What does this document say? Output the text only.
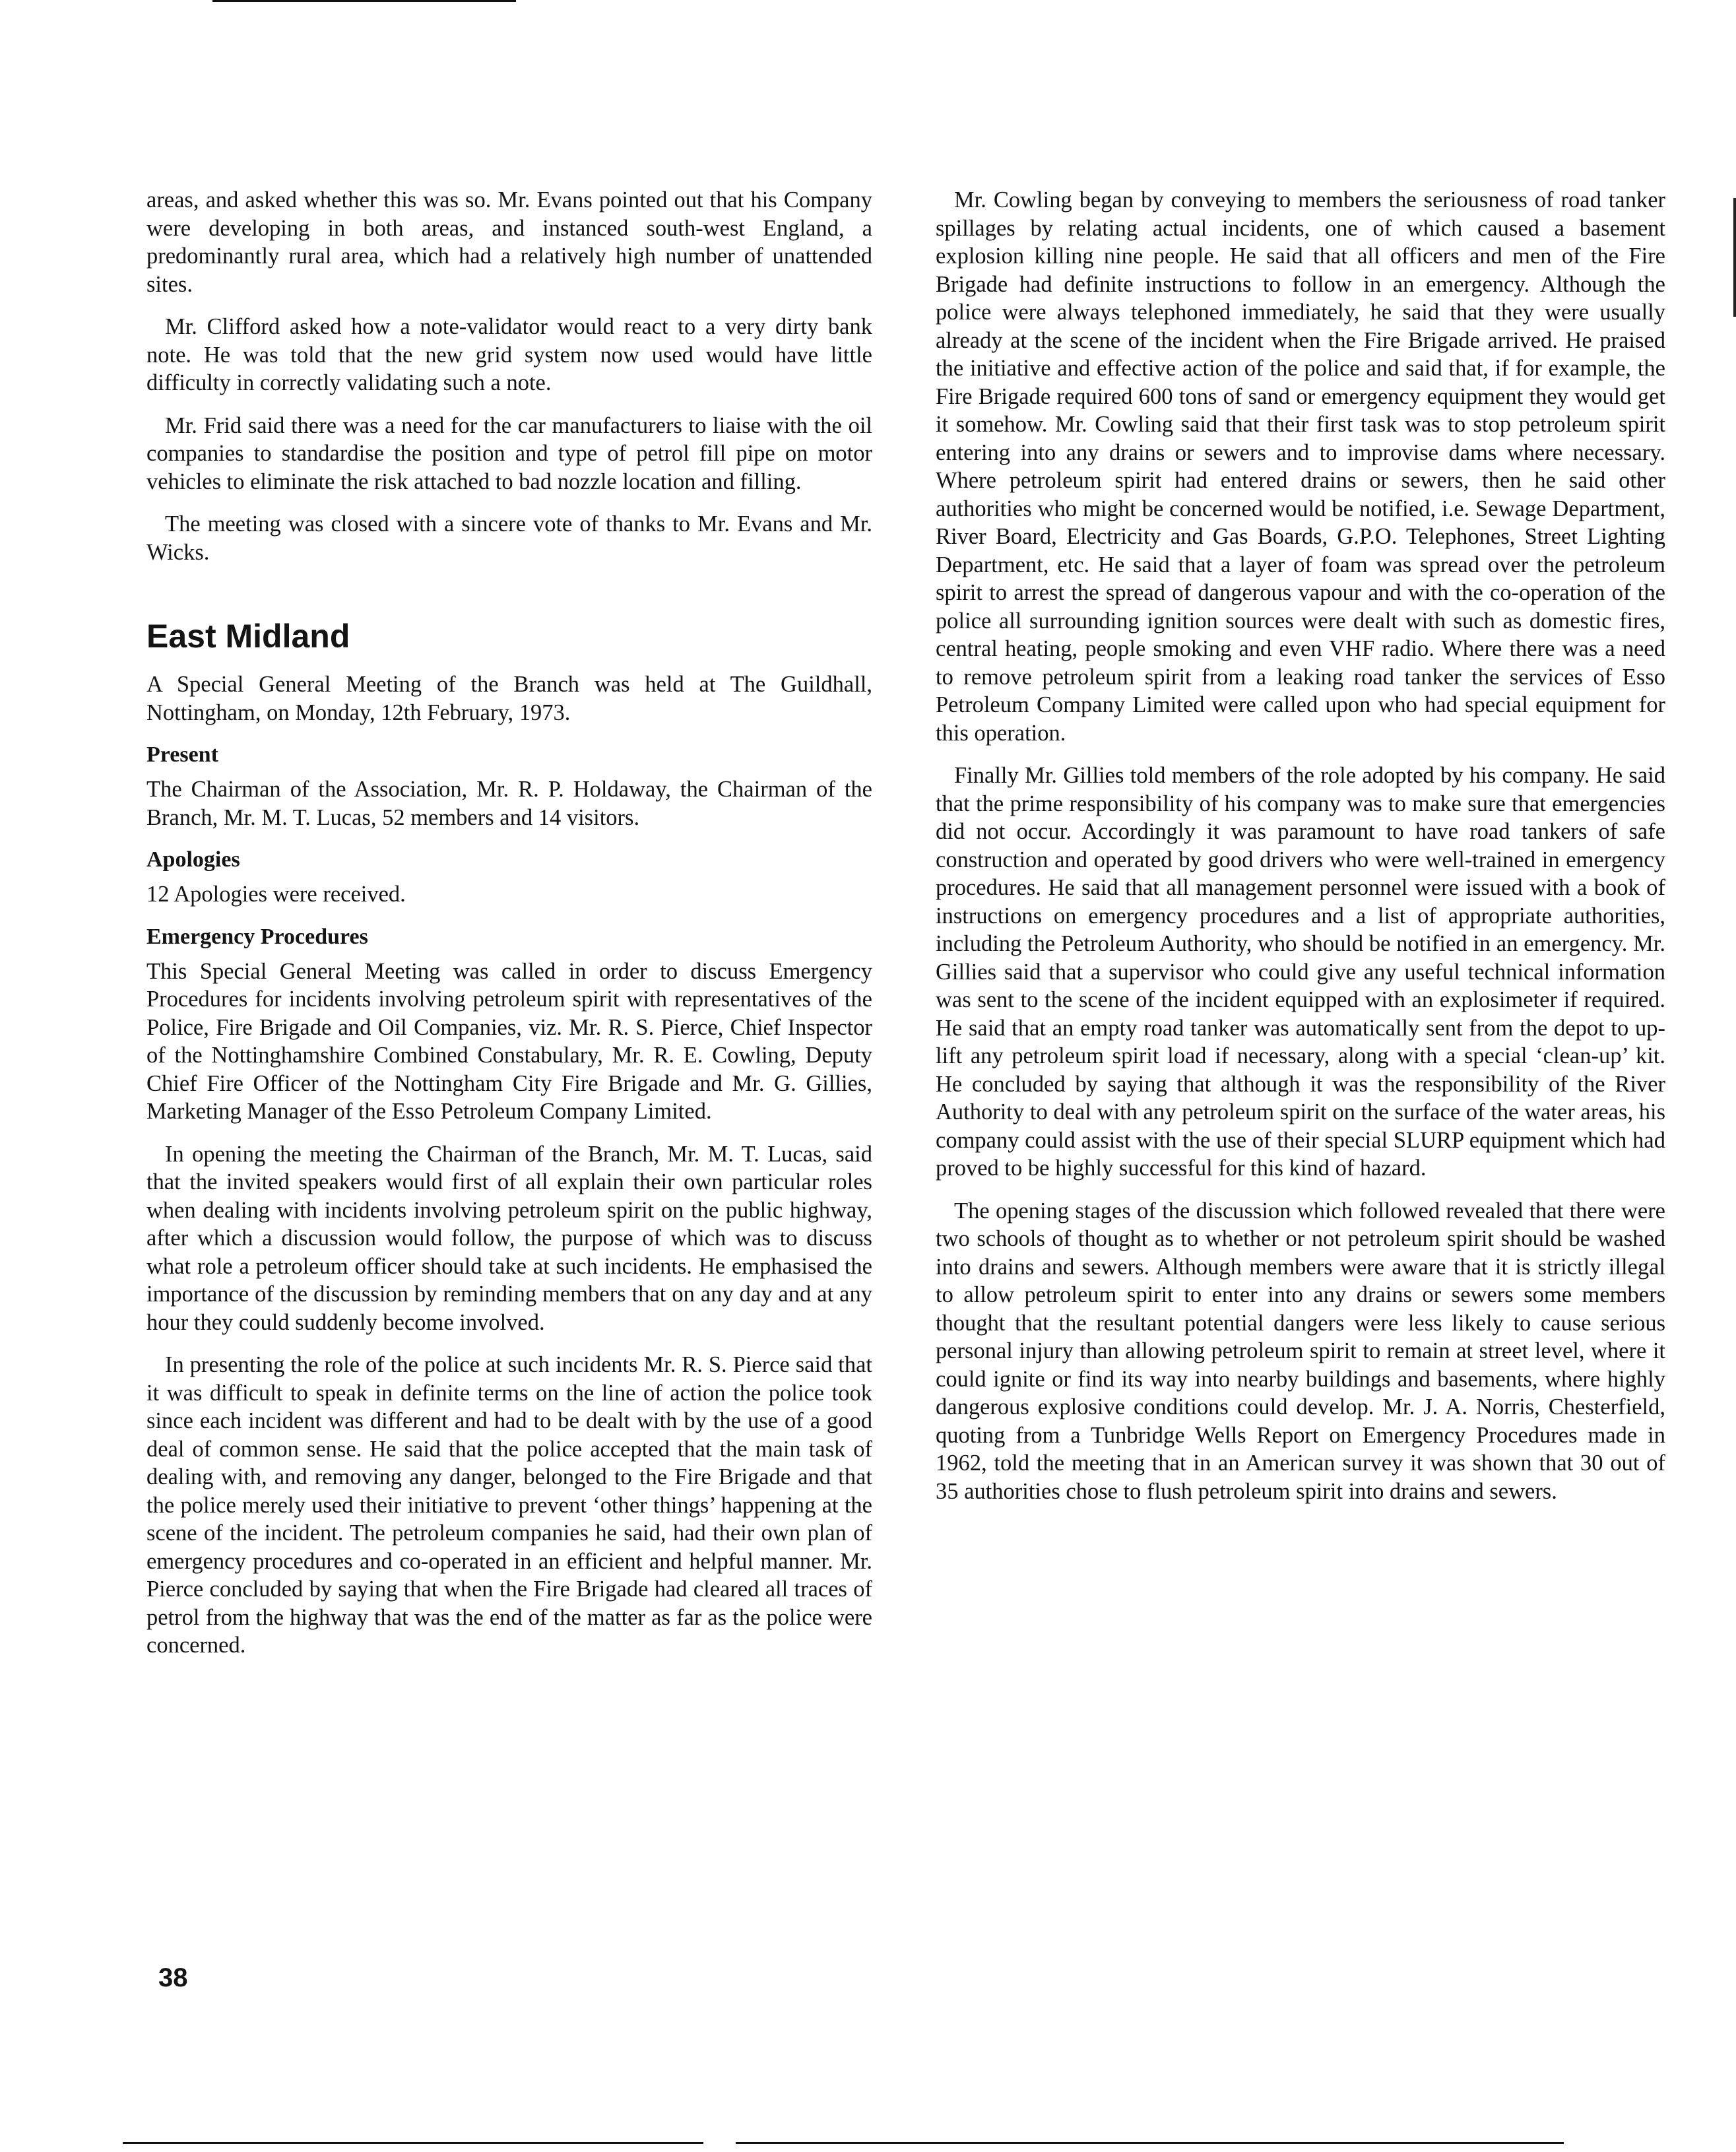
areas, and asked whether this was so. Mr. Evans pointed out that his Company were developing in both areas, and instanced south-west England, a predominantly rural area, which had a relatively high number of unattended sites.

Mr. Clifford asked how a note-validator would react to a very dirty bank note. He was told that the new grid system now used would have little difficulty in correctly validating such a note.

Mr. Frid said there was a need for the car manufacturers to liaise with the oil companies to standardise the position and type of petrol fill pipe on motor vehicles to eliminate the risk attached to bad nozzle location and filling.

The meeting was closed with a sincere vote of thanks to Mr. Evans and Mr. Wicks.

East Midland

A Special General Meeting of the Branch was held at The Guildhall, Nottingham, on Monday, 12th February, 1973.

Present

The Chairman of the Association, Mr. R. P. Holdaway, the Chairman of the Branch, Mr. M. T. Lucas, 52 members and 14 visitors.

Apologies

12 Apologies were received.

Emergency Procedures

This Special General Meeting was called in order to discuss Emergency Procedures for incidents involving petroleum spirit with representatives of the Police, Fire Brigade and Oil Companies, viz. Mr. R. S. Pierce, Chief Inspector of the Nottinghamshire Combined Constabulary, Mr. R. E. Cowling, Deputy Chief Fire Officer of the Nottingham City Fire Brigade and Mr. G. Gillies, Marketing Manager of the Esso Petroleum Company Limited.

In opening the meeting the Chairman of the Branch, Mr. M. T. Lucas, said that the invited speakers would first of all explain their own particular roles when dealing with incidents involving petroleum spirit on the public highway, after which a discussion would follow, the purpose of which was to discuss what role a petroleum officer should take at such incidents. He emphasised the importance of the discussion by reminding members that on any day and at any hour they could suddenly become involved.

In presenting the role of the police at such incidents Mr. R. S. Pierce said that it was difficult to speak in definite terms on the line of action the police took since each incident was different and had to be dealt with by the use of a good deal of common sense. He said that the police accepted that the main task of dealing with, and removing any danger, belonged to the Fire Brigade and that the police merely used their initiative to prevent ‘other things’ happening at the scene of the incident. The petroleum companies he said, had their own plan of emergency procedures and co-operated in an efficient and helpful manner. Mr. Pierce concluded by saying that when the Fire Brigade had cleared all traces of petrol from the highway that was the end of the matter as far as the police were concerned.

Mr. Cowling began by conveying to members the seriousness of road tanker spillages by relating actual incidents, one of which caused a basement explosion killing nine people. He said that all officers and men of the Fire Brigade had definite instructions to follow in an emergency. Although the police were always telephoned immediately, he said that they were usually already at the scene of the incident when the Fire Brigade arrived. He praised the initiative and effective action of the police and said that, if for example, the Fire Brigade required 600 tons of sand or emergency equipment they would get it somehow. Mr. Cowling said that their first task was to stop petroleum spirit entering into any drains or sewers and to improvise dams where necessary. Where petroleum spirit had entered drains or sewers, then he said other authorities who might be concerned would be notified, i.e. Sewage Department, River Board, Electricity and Gas Boards, G.P.O. Telephones, Street Lighting Department, etc. He said that a layer of foam was spread over the petroleum spirit to arrest the spread of dangerous vapour and with the co-operation of the police all surrounding ignition sources were dealt with such as domestic fires, central heating, people smoking and even VHF radio. Where there was a need to remove petroleum spirit from a leaking road tanker the services of Esso Petroleum Company Limited were called upon who had special equipment for this operation.

Finally Mr. Gillies told members of the role adopted by his company. He said that the prime responsibility of his company was to make sure that emergencies did not occur. Accordingly it was paramount to have road tankers of safe construction and operated by good drivers who were well-trained in emergency procedures. He said that all management personnel were issued with a book of instructions on emergency procedures and a list of appropriate authorities, including the Petroleum Authority, who should be notified in an emergency. Mr. Gillies said that a supervisor who could give any useful technical information was sent to the scene of the incident equipped with an explosimeter if required. He said that an empty road tanker was automatically sent from the depot to up-lift any petroleum spirit load if necessary, along with a special ‘clean-up’ kit. He concluded by saying that although it was the responsibility of the River Authority to deal with any petroleum spirit on the surface of the water areas, his company could assist with the use of their special SLURP equipment which had proved to be highly successful for this kind of hazard.

The opening stages of the discussion which followed revealed that there were two schools of thought as to whether or not petroleum spirit should be washed into drains and sewers. Although members were aware that it is strictly illegal to allow petroleum spirit to enter into any drains or sewers some members thought that the resultant potential dangers were less likely to cause serious personal injury than allowing petroleum spirit to remain at street level, where it could ignite or find its way into nearby buildings and basements, where highly dangerous explosive conditions could develop. Mr. J. A. Norris, Chesterfield, quoting from a Tunbridge Wells Report on Emergency Procedures made in 1962, told the meeting that in an American survey it was shown that 30 out of 35 authorities chose to flush petroleum spirit into drains and sewers.

38
